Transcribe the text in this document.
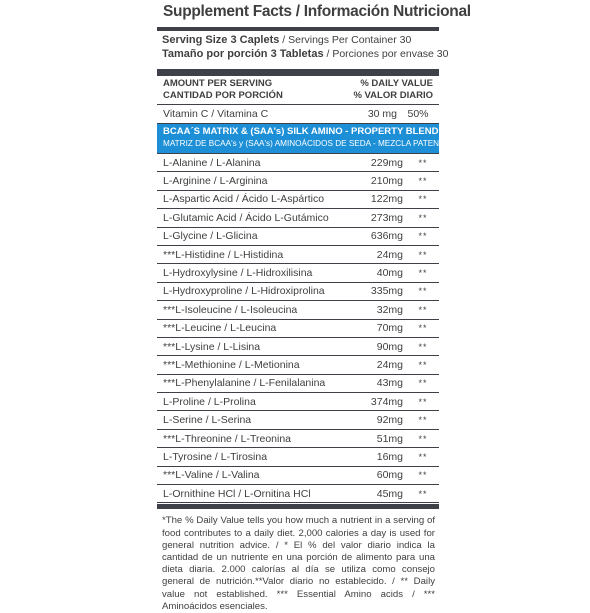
Supplement Facts / Información Nutricional
Serving Size 3 Caplets / Servings Per Container 30
Tamaño por porción 3 Tabletas / Porciones por envase 30
AMOUNT PER SERVING
CANTIDAD POR PORCIÓN
% DAILY VALUE
% VALOR DIARIO
Vitamin C / Vitamina C	30 mg 50%
BCAA´S MATRIX & (SAA's) SILK AMINO - PROPERTY BLEND:
MATRIZ DE BCAA's y (SAA's) AMINOÁCIDOS DE SEDA - MEZCLA PATENTADA:
L-Alanine / L-Alanina	229mg	**
L-Arginine / L-Arginina	210mg	**
L-Aspartic Acid / Ácido L-Aspártico	122mg	**
L-Glutamic Acid / Ácido L-Gutámico	273mg	**
L-Glycine / L-Glicina	636mg	**
***L-Histidine / L-Histidina	24mg	**
L-Hydroxylysine / L-Hidroxilisina	40mg	**
L-Hydroxyproline / L-Hidroxiprolina	335mg	**
***L-Isoleucine / L-Isoleucina	32mg	**
***L-Leucine / L-Leucina	70mg	**
***L-Lysine / L-Lisina	90mg	**
***L-Methionine / L-Metionina	24mg	**
***L-Phenylalanine / L-Fenilalanina	43mg	**
L-Proline / L-Prolina	374mg	**
L-Serine / L-Serina	92mg	**
***L-Threonine / L-Treonina	51mg	**
L-Tyrosine / L-Tirosina	16mg	**
***L-Valine / L-Valina	60mg	**
L-Ornithine HCl / L-Ornitina HCl	45mg	**
*The % Daily Value tells you how much a nutrient in a serving of food contributes to a daily diet. 2,000 calories a day is used for general nutrition advice. / * El % del valor diario indica la cantidad de un nutriente en una porción de alimento para una dieta diaria. 2.000 calorías al día se utiliza como consejo general de nutrición.**Valor diario no establecido. / ** Daily value not established. *** Essential Amino acids / *** Aminoácidos esenciales.
